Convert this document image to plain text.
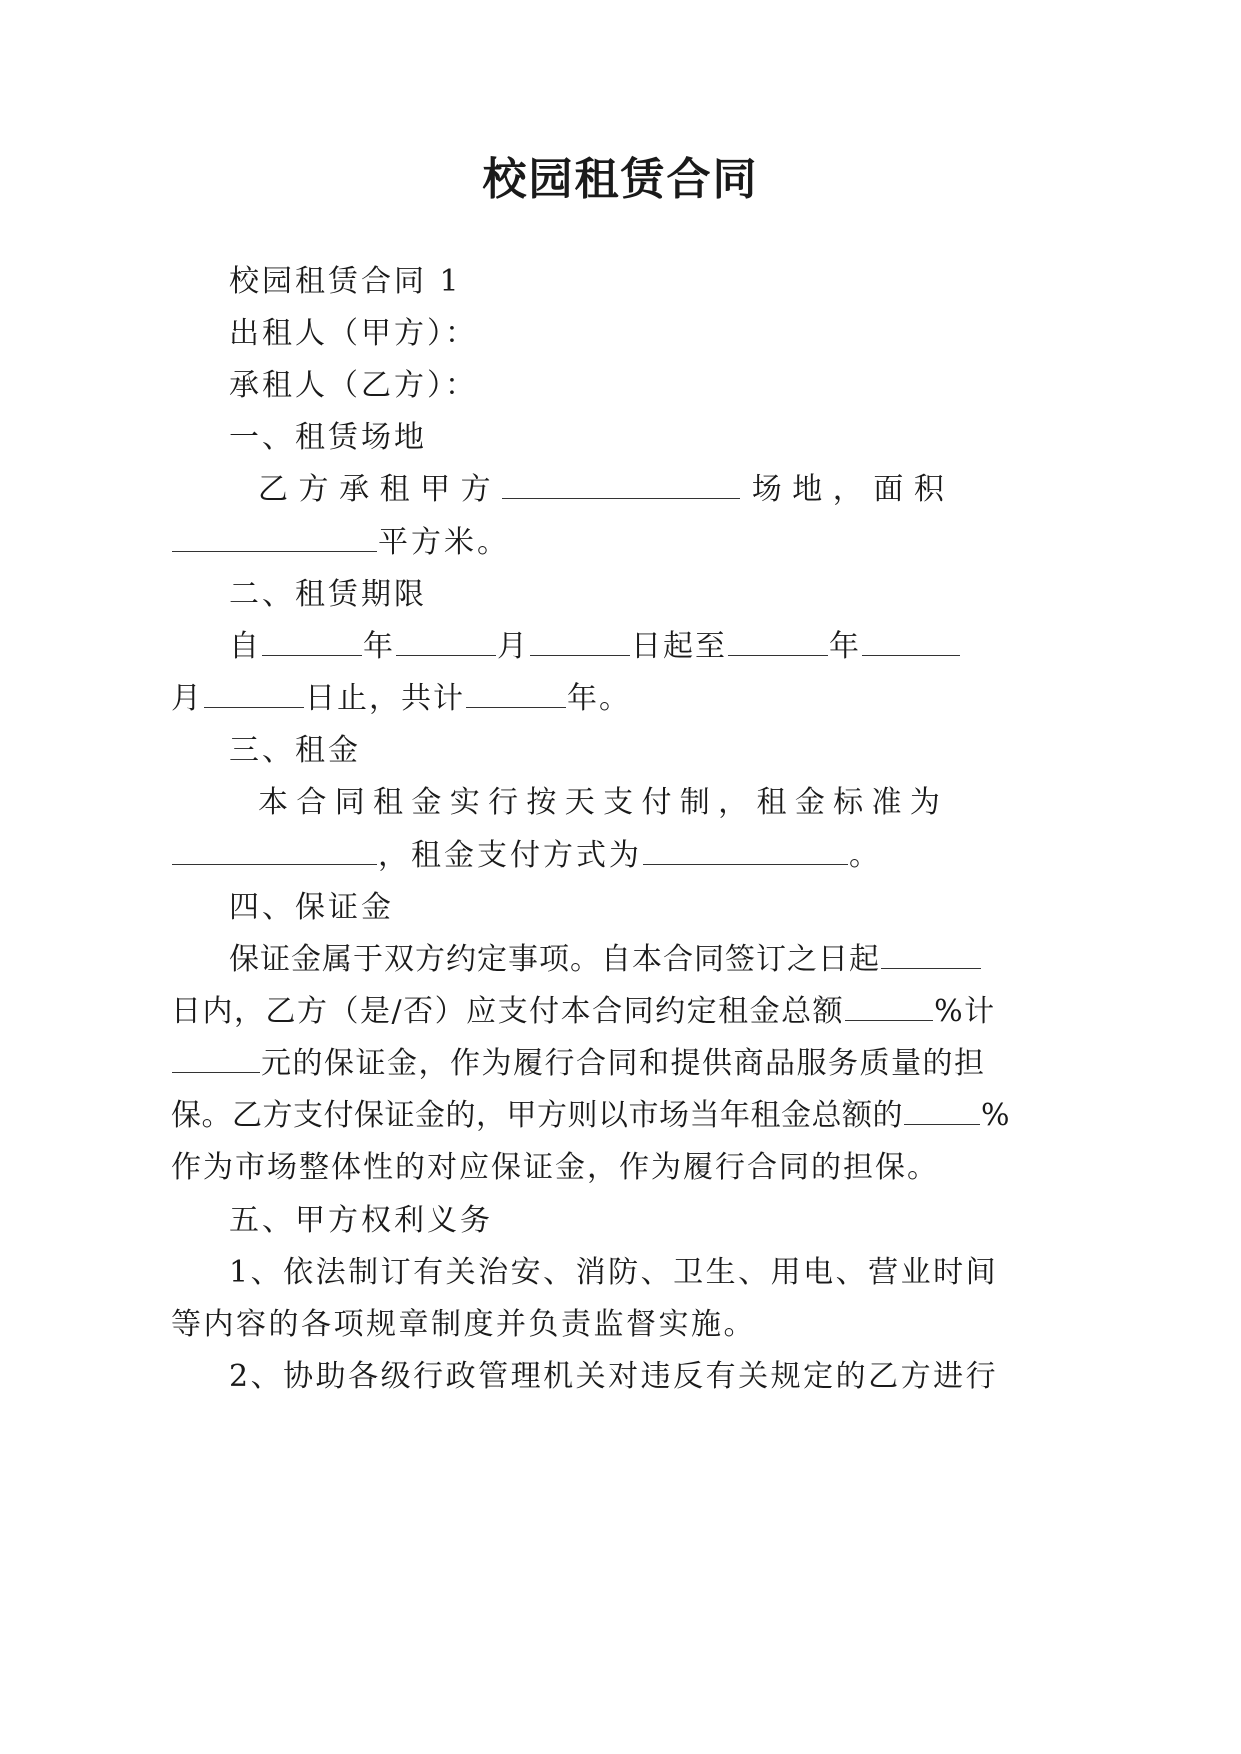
校园租赁合同
校园租赁合同 1
出租人（甲方）：
承租人（乙方）：
一、租赁场地
乙 方 承 租 甲 方	场 地 ， 面 积
平方米。
二、租赁期限
自	年	月	日起至	年
月	日止，共计	年。
三、租金
本 合 同 租 金 实 行 按 天 支 付 制 ， 租 金 标 准 为
，租金支付方式为	。
四、保证金
保证金属于双方约定事项。自本合同签订之日起
日内，乙方（是/否）应支付本合同约定租金总额	%计
元的保证金，作为履行合同和提供商品服务质量的担
保。乙方支付保证金的，甲方则以市场当年租金总额的	%
作为市场整体性的对应保证金，作为履行合同的担保。
五、甲方权利义务
1、依法制订有关治安、消防、卫生、用电、营业时间
等内容的各项规章制度并负责监督实施。
2、协助各级行政管理机关对违反有关规定的乙方进行
